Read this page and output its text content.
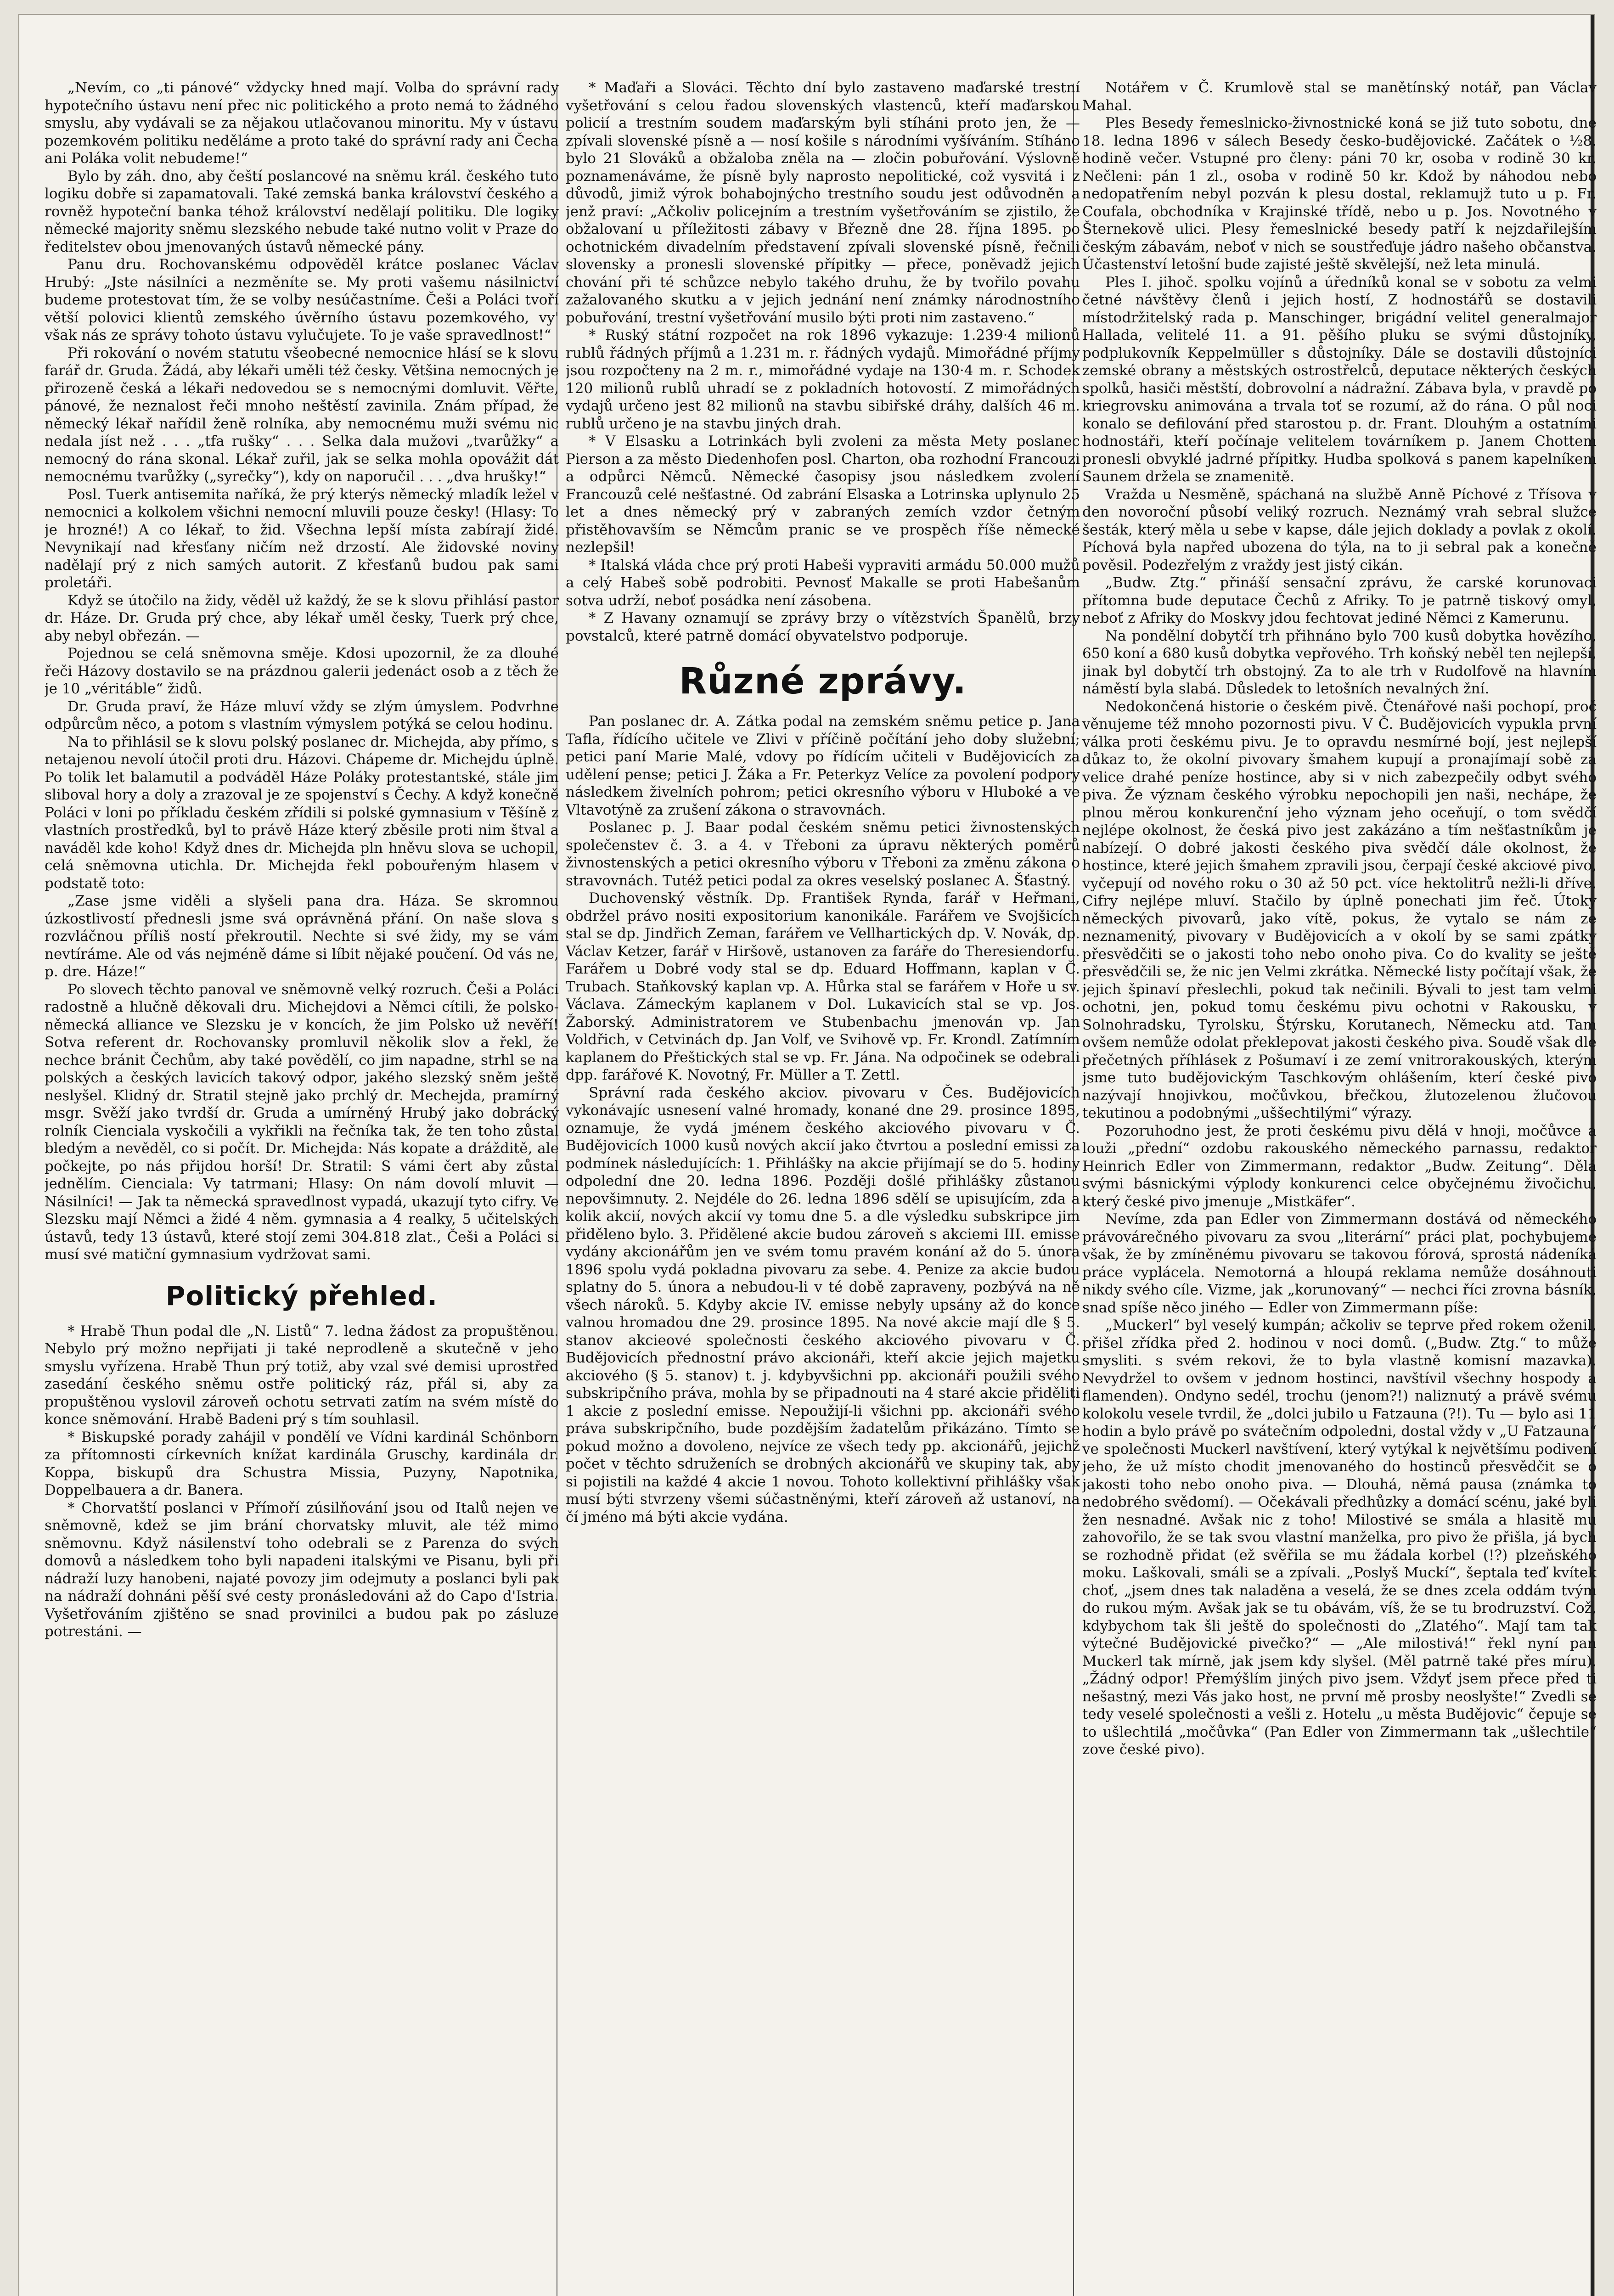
„Nevím, co „ti pánové“ vždycky hned mají. Volba do správní rady hypotečního ústavu není přec nic politického a proto nemá to žádného smyslu, aby vydávali se za nějakou utlačovanou minoritu. My v ústavu pozemkovém politiku neděláme a proto také do správní rady ani Čecha ani Poláka volit nebudeme!“

Bylo by záh. dno, aby čeští poslancové na sněmu král. českého tuto logiku dobře si zapamatovali. Také zemská banka království českého a rovněž hypoteční banka téhož království nedělají politiku. Dle logiky německé majority sněmu slezského nebude také nutno volit v Praze do ředitelstev obou jmenovaných ústavů německé pány.

Panu dru. Rochovanskému odpověděl krátce poslanec Václav Hrubý: „Jste násilníci a nezměníte se. My proti vašemu násilnictví budeme protestovat tím, že se volby nesúčastníme. Češi a Poláci tvoří větší polovici klientů zemského úvěrního ústavu pozemkového, vy' však nás ze správy tohoto ústavu vylučujete. To je vaše spravedlnost!“

Při rokování o novém statutu všeobecné nemocnice hlásí se k slovu farář dr. Gruda. Žádá, aby lékaři uměli též česky. Většina nemocných je přirozeně česká a lékaři nedovedou se s nemocnými domluvit. Věřte, pánové, že neznalost řeči mnoho neštěstí zavinila. Znám případ, že německý lékař nařídil ženě rolníka, aby nemocnému muži svému nic nedala jíst než . . . „tfa rušky“ . . . Selka dala mužovi „tvarůžky“ a nemocný do rána skonal. Lékař zuřil, jak se selka mohla opovážit dát nemocnému tvarůžky („syrečky“), kdy on naporučil . . . „dva hrušky!“

Posl. Tuerk antisemita naříká, že prý kterýs německý mladík ležel v nemocnici a kolkolem všichni nemocní mluvili pouze česky! (Hlasy: To je hrozné!) A co lékař, to žid. Všechna lepší místa zabírají židé. Nevynikají nad křesťany ničím než drzostí. Ale židovské noviny nadělají prý z nich samých autorit. Z křesťanů budou pak sami proletáři.

Když se útočilo na židy, věděl už každý, že se k slovu přihlásí pastor dr. Háze. Dr. Gruda prý chce, aby lékař uměl česky, Tuerk prý chce, aby nebyl obřezán. —

Pojednou se celá sněmovna směje. Kdosi upozornil, že za dlouhé řeči Házovy dostavilo se na prázdnou galerii jedenáct osob a z těch že je 10 „véritáble“ židů.

Dr. Gruda praví, že Háze mluví vždy se zlým úmyslem. Podvrhne odpůrcům něco, a potom s vlastním výmyslem potýká se celou hodinu.

Na to přihlásil se k slovu polský poslanec dr. Michejda, aby přímo, s netajenou nevolí útočil proti dru. Házovi. Chápeme dr. Michejdu úplně. Po tolik let balamutil a podváděl Háze Poláky protestantské, stále jim sliboval hory a doly a zrazoval je ze spojenství s Čechy. A když konečně Poláci v loni po příkladu českém zřídili si polské gymnasium v Těšíně z vlastních prostředků, byl to právě Háze který zběsile proti nim štval a naváděl kde koho! Když dnes dr. Michejda pln hněvu slova se uchopil, celá sněmovna utichla. Dr. Michejda řekl pobouřeným hlasem v podstatě toto:

„Zase jsme viděli a slyšeli pana dra. Háza. Se skromnou úzkostlivostí přednesli jsme svá oprávněná přání. On naše slova s rozvláčnou příliš ností překroutil. Nechte si své židy, my se vám nevtíráme. Ale od vás nejméně dáme si líbit nějaké poučení. Od vás ne, p. dre. Háze!“

Po slovech těchto panoval ve sněmovně velký rozruch. Češi a Poláci radostně a hlučně děkovali dru. Michejdovi a Němci cítili, že polsko-německá alliance ve Slezsku je v koncích, že jim Polsko už nevěří! Sotva referent dr. Rochovansky promluvil několik slov a řekl, že nechce bránit Čechům, aby také povědělí, co jim napadne, strhl se na polských a českých lavicích takový odpor, jakého slezský sněm ještě neslyšel. Klidný dr. Stratil stejně jako prchlý dr. Mechejda, pramírný msgr. Svěží jako tvrdší dr. Gruda a umírněný Hrubý jako dobrácký rolník Cienciala vyskočili a vykřikli na řečníka tak, že ten toho zůstal bledým a nevěděl, co si počít. Dr. Michejda: Nás kopate a drážditě, ale počkejte, po nás přijdou horší! Dr. Stratil: S vámi čert aby zůstal jednělím. Cienciala: Vy tatrmani; Hlasy: On nám dovolí mluvit — Násilníci! — Jak ta německá spravedlnost vypadá, ukazují tyto cifry. Ve Slezsku mají Němci a židé 4 něm. gymnasia a 4 realky, 5 učitelských ústavů, tedy 13 ústavů, které stojí zemi 304.818 zlat., Češi a Poláci si musí své matiční gymnasium vydržovat sami.

Politický přehled.

* Hrabě Thun podal dle „N. Listů“ 7. ledna žádost za propuštěnou. Nebylo prý možno nepřijati ji také neprodleně a skutečně v jeho smyslu vyřízena. Hrabě Thun prý totiž, aby vzal své demisi uprostřed zasedání českého sněmu ostře politický ráz, přál si, aby za propuštěnou vyslovil zároveň ochotu setrvati zatím na svém místě do konce sněmování. Hrabě Badeni prý s tím souhlasil.

* Biskupské porady zahájil v pondělí ve Vídni kardinál Schönborn za přítomnosti církevních knížat kardinála Gruschy, kardinála dr. Koppa, biskupů dra Schustra Missia, Puzyny, Napotnika, Doppelbauera a dr. Banera.

* Chorvatští poslanci v Přímoří zúsilňování jsou od Italů nejen ve sněmovně, kdež se jim brání chorvatsky mluvit, ale též mimo sněmovnu. Když násilenství toho odebrali se z Parenza do svých domovů a následkem toho byli napadeni italskými ve Pisanu, byli při nádraží luzy hanobeni, najaté povozy jim odejmuty a poslanci byli pak na nádraží dohnáni pěší své cesty pronásledováni až do Capo d'Istria. Vyšetřováním zjištěno se snad provinilci a budou pak po zásluze potrestáni. —

* Maďaři a Slováci. Těchto dní bylo zastaveno maďarské trestní vyšetřování s celou řadou slovenských vlastenců, kteří maďarskou policií a trestním soudem maďarským byli stíháni proto jen, že — zpívali slovenské písně a — nosí košile s národními vyšíváním. Stíháno bylo 21 Slováků a obžaloba zněla na — zločin pobuřování. Výslovně poznamenáváme, že písně byly naprosto nepolitické, což vysvitá i z důvodů, jimiž výrok bohabojnýcho trestního soudu jest odůvodněn a jenž praví: „Ačkoliv policejním a trestním vyšetřováním se zjistilo, že obžalovaní u příležitosti zábavy v Březně dne 28. října 1895. po ochotnickém divadelním představení zpívali slovenské písně, řečnili slovensky a pronesli slovenské přípitky — přece, poněvadž jejich chování při té schůzce nebylo takého druhu, že by tvořilo povahu zažalovaného skutku a v jejich jednání není známky národnostního pobuřování, trestní vyšetřování musilo býti proti nim zastaveno.“

* Ruský státní rozpočet na rok 1896 vykazuje: 1.239·4 milionů rublů řádných příjmů a 1.231 m. r. řádných vydajů. Mimořádné příjmy jsou rozpočteny na 2 m. r., mimořádné vydaje na 130·4 m. r. Schodek 120 milionů rublů uhradí se z pokladních hotovostí. Z mimořádných vydajů určeno jest 82 milionů na stavbu sibiřské dráhy, dalších 46 m. rublů určeno je na stavbu jiných drah.

* V Elsasku a Lotrinkách byli zvoleni za města Mety poslanec Pierson a za město Diedenhofen posl. Charton, oba rozhodní Francouzi a odpůrci Němců. Německé časopisy jsou následkem zvolení Francouzů celé nešťastné. Od zabrání Elsaska a Lotrinska uplynulo 25 let a dnes německý prý v zabraných zemích vzdor četným přistěhovavším se Němcům pranic se ve prospěch říše německé nezlepšil!

* Italská vláda chce prý proti Habeši vypraviti armádu 50.000 mužů a celý Habeš sobě podrobiti. Pevnosť Makalle se proti Habešanům sotva udrží, neboť posádka není zásobena.

* Z Havany oznamují se zprávy brzy o vítězstvích Španělů, brzy povstalců, které patrně domácí obyvatelstvo podporuje.

Různé zprávy.

Pan poslanec dr. A. Zátka podal na zemském sněmu petice p. Jana Tafla, řídícího učitele ve Zlivi v příčině počítání jeho doby služební; petici paní Marie Malé, vdovy po řídícím učiteli v Budějovicích za udělení pense; petici J. Žáka a Fr. Peterkyz Velíce za povolení podpory následkem živelních pohrom; petici okresního výboru v Hluboké a ve Vltavotýně za zrušení zákona o stravovnách.

Poslanec p. J. Baar podal českém sněmu petici živnostenských společenstev č. 3. a 4. v Třeboni za úpravu některých poměrů živnostenských a petici okresního výboru v Třeboni za změnu zákona o stravovnách. Tutéž petici podal za okres veselský poslanec A. Šťastný.

Duchovenský věstník. Dp. František Rynda, farář v Heřmani, obdržel právo nositi expositorium kanonikále. Farářem ve Svojšicích stal se dp. Jindřich Zeman, farářem ve Vellhartických dp. V. Novák, dp. Václav Ketzer, farář v Hiršově, ustanoven za faráře do Theresiendorfu. Farářem u Dobré vody stal se dp. Eduard Hoffmann, kaplan v Č. Trubach. Staňkovský kaplan vp. A. Hůrka stal se farářem v Hoře u sv. Václava. Zámeckým kaplanem v Dol. Lukavicích stal se vp. Jos. Žaborský. Administratorem ve Stubenbachu jmenován vp. Jan Voldřich, v Cetvinách dp. Jan Volf, ve Svihově vp. Fr. Krondl. Zatímním kaplanem do Přeštických stal se vp. Fr. Jána. Na odpočinek se odebrali dpp. farářové K. Novotný, Fr. Müller a T. Zettl.

Správní rada českého akciov. pivovaru v Čes. Budějovicích vykonávajíc usnesení valné hromady, konané dne 29. prosince 1895, oznamuje, že vydá jménem českého akciového pivovaru v Č. Budějovicích 1000 kusů nových akcií jako čtvrtou a poslední emissi za podmínek následujících: 1. Přihlášky na akcie přijímají se do 5. hodiny odpolední dne 20. ledna 1896. Později došlé přihlášky zůstanou nepovšimnuty. 2. Nejdéle do 26. ledna 1896 sdělí se upisujícím, zda a kolik akcií, nových akcií vy tomu dne 5. a dle výsledku subskripce jim přiděleno bylo. 3. Přidělené akcie budou zároveň s akciemi III. emisse vydány akcionářům jen ve svém tomu pravém konání až do 5. února 1896 spolu vydá pokladna pivovaru za sebe. 4. Penize za akcie budou splatny do 5. února a nebudou-li v té době zapraveny, pozbývá na ně všech nároků. 5. Kdyby akcie IV. emisse nebyly upsány až do konce valnou hromadou dne 29. prosince 1895. Na nové akcie mají dle § 5. stanov akcieové společnosti českého akciového pivovaru v Č. Budějovicích přednostní právo akcionáři, kteří akcie jejich majetku akciového (§ 5. stanov) t. j. kdybyvšichni pp. akcionáři použili svého subskripčního práva, mohla by se připadnouti na 4 staré akcie přiděliti 1 akcie z poslední emisse. Nepoužijí-li všichni pp. akcionáři svého práva subskripčního, bude pozdějším žadatelům přikázáno. Tímto se pokud možno a dovoleno, nejvíce ze všech tedy pp. akcionářů, jejichž počet v těchto sdruženích se drobných akcionářů ve skupiny tak, aby si pojistili na každé 4 akcie 1 novou. Tohoto kollektivní přihlášky však musí býti stvrzeny všemi súčastněnými, kteří zároveň až ustanoví, na čí jméno má býti akcie vydána.

Notářem v Č. Krumlově stal se manětínský notář, pan Václav Mahal.

Ples Besedy řemeslnicko-živnostnické koná se již tuto sobotu, dne 18. ledna 1896 v sálech Besedy česko-budějovické. Začátek o ½8. hodině večer. Vstupné pro členy: páni 70 kr, osoba v rodině 30 kr. Nečleni: pán 1 zl., osoba v rodině 50 kr. Kdož by náhodou nebo nedopatřením nebyl pozván k plesu dostal, reklamujž tuto u p. Fr. Coufala, obchodníka v Krajinské třídě, nebo u p. Jos. Novotného v Šternekově ulici. Plesy řemeslnické besedy patří k nejzdařilejším českým zábavám, neboť v nich se soustřeďuje jádro našeho občanstva. Účastenství letošní bude zajisté ještě skvělejší, než leta minulá.

Ples I. jihoč. spolku vojínů a úředníků konal se v sobotu za velmi četné návštěvy členů i jejich hostí, Z hodnostářů se dostavili místodržitelský rada p. Manschinger, brigádní velitel generalmajor Hallada, velitelé 11. a 91. pěšího pluku se svými důstojníky, podplukovník Keppelmüller s důstojníky. Dále se dostavili důstojníci zemské obrany a městských ostrostřelců, deputace některých českých spolků, hasiči městští, dobrovolní a nádražní. Zábava byla, v pravdě po kriegrovsku animována a trvala toť se rozumí, až do rána. O půl noci konalo se defilování před starostou p. dr. Frant. Dlouhým a ostatními hodnostáři, kteří počínaje velitelem továrníkem p. Janem Chottem pronesli obvyklé jadrné přípitky. Hudba spolková s panem kapelníkem Saunem držela se znamenitě.

Vražda u Nesměně, spáchaná na službě Anně Píchové z Třísova v den novoroční působí veliký rozruch. Neznámý vrah sebral služce šesták, který měla u sebe v kapse, dále jejich doklady a povlak z okolí. Píchová byla napřed ubozena do týla, na to ji sebral pak a konečně pověsil. Podezřelým z vraždy jest jistý cikán.

„Budw. Ztg.“ přináší sensační zprávu, že carské korunovaci přítomna bude deputace Čechů z Afriky. To je patrně tiskový omyl, neboť z Afriky do Moskvy jdou fechtovat jediné Němci z Kamerunu.

Na pondělní dobytčí trh přihnáno bylo 700 kusů dobytka hovězího, 650 koní a 680 kusů dobytka vepřového. Trh koňský neběl ten nejlepší, jinak byl dobytčí trh obstojný. Za to ale trh v Rudolfově na hlavním náměstí byla slabá. Důsledek to letošních nevalných žní.

Nedokončená historie o českém pivě. Čtenářové naši pochopí, proč věnujeme též mnoho pozornosti pivu. V Č. Budějovicích vypukla první válka proti českému pivu. Je to opravdu nesmírné bojí, jest nejlepší důkaz to, že okolní pivovary šmahem kupují a pronajímají sobě za velice drahé peníze hostince, aby si v nich zabezpečily odbyt svého piva. Že význam českého výrobku nepochopili jen naši, nechápe, že plnou měrou konkurenční jeho význam jeho oceňují, o tom svědčí nejlépe okolnost, že česká pivo jest zakázáno a tím nešťastníkům je nabízejí. O dobré jakosti českého piva svědčí dále okolnost, že hostince, které jejich šmahem zpravili jsou, čerpají české akciové pivo, vyčepují od nového roku o 30 až 50 pct. více hektolitrů nežli-li dříve. Cifry nejlépe mluví. Stačilo by úplně ponechati jim řeč. Útoky německých pivovarů, jako vítě, pokus, že vytalo se nám ze neznamenitý, pivovary v Budějovicích a v okolí by se sami zpátky přesvědčiti se o jakosti toho nebo onoho piva. Co do kvality se ještě přesvědčili se, že nic jen Velmi zkrátka. Německé listy počítají však, že jejich špinaví přeslechli, pokud tak nečinili. Bývali to jest tam velmi ochotni, jen, pokud tomu českému pivu ochotni v Rakousku, v Solnohradsku, Tyrolsku, Štýrsku, Korutanech, Německu atd. Tam ovšem nemůže odolat překlepovat jakosti českého piva. Soudě však dle přečetných příhlásek z Pošumaví i ze zemí vnitrorakouských, kterým jsme tuto budějovickým Taschkovým ohlášením, kterí české pivo nazývají hnojivkou, močůvkou, břečkou, žlutozelenou žlučovou tekutinou a podobnými „uššechtilými“ výrazy.

Pozoruhodno jest, že proti českému pivu dělá v hnoji, močůvce a louži „přední“ ozdobu rakouského německého parnassu, redaktor Heinrich Edler von Zimmermann, redaktor „Budw. Zeitung“. Dělá svými básnickými výplody konkurenci celce obyčejnému živočichu, který české pivo jmenuje „Mistkäfer“.

Nevíme, zda pan Edler von Zimmermann dostává od německého právovárečného pivovaru za svou „literární“ práci plat, pochybujeme však, že by zmíněnému pivovaru se takovou fórová, sprostá nádeníká práce vyplácela. Nemotorná a hloupá reklama nemůže dosáhnouti nikdy svého cíle. Vizme, jak „korunovaný“ — nechci říci zrovna básník, snad spíše něco jiného — Edler von Zimmermann píše:

„Muckerl“ byl veselý kumpán; ačkoliv se teprve před rokem oženil, přišel zřídka před 2. hodinou v noci domů. („Budw. Ztg.“ to může smysliti. s svém rekovi, že to byla vlastně komisní mazavka). Nevydržel to ovšem v jednom hostinci, navštívil všechny hospody a flamenden). Ondyno sedél, trochu (jenom?!) naliznutý a právě svému kolokolu vesele tvrdil, že „dolci jubilo u Fatzauna (?!). Tu — bylo asi 11 hodin a bylo právě po svátečním odpoledni, dostal vždy v „U Fatzauna“ ve společnosti Muckerl navštívení, který vytýkal k největšímu podivení jeho, že už místo chodit jmenovaného do hostinců přesvědčit se o jakosti toho nebo onoho piva. — Dlouhá, němá pausa (známka to nedobrého svědomí). — Očekávali předhůzky a domácí scénu, jaké byli žen nesnadné. Avšak nic z toho! Milostivé se smála a hlasitě mu zahovořilo, že se tak svou vlastní manželka, pro pivo že přišla, já bych se rozhodně přidat (ež svěřila se mu žádala korbel (!?) plzeňského moku. Laškovali, smáli se a zpívali. „Poslyš Muckí“, šeptala teď kvítek choť, „jsem dnes tak naladěna a veselá, že se dnes zcela oddám tvým do rukou mým. Avšak jak se tu obávám, víš, že se tu brodruzství. Což, kdybychom tak šli ještě do společnosti do „Zlatého“. Mají tam tak výtečné Budějovické pivečko?“ — „Ale milostivá!“ řekl nyní pan Muckerl tak mírně, jak jsem kdy slyšel. (Měl patrně také přes míru). „Žádný odpor! Přemýšlím jiných pivo jsem. Vždyť jsem přece před ti nešastný, mezi Vás jako host, ne první mě prosby neoslyšte!“ Zvedli se tedy veselé společnosti a vešli z. Hotelu „u města Budějovic“ čepuje se to ušlechtilá „močůvka“ (Pan Edler von Zimmermann tak „ušlechtile“ zove české pivo).
